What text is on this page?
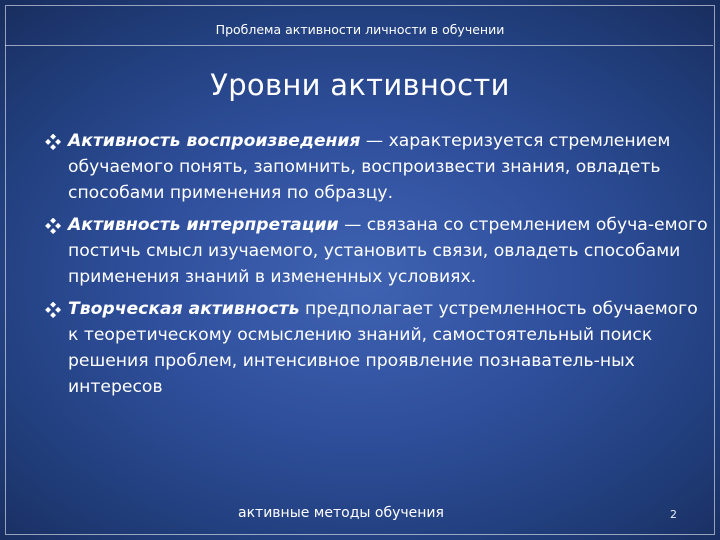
Проблема активности личности в обучении
Уровни активности
Активность воспроизведения — характеризуется стремлением обучаемого понять, запомнить, воспроизвести знания, овладеть способами применения по образцу.
Активность интерпретации — связана со стремлением обуча-емого постичь смысл изучаемого, установить связи, овладеть способами применения знаний в измененных условиях.
Творческая активность предполагает устремленность обучаемого к теоретическому осмыслению знаний, самостоятельный поиск решения проблем, интенсивное проявление познаватель-ных интересов
активные методы обучения	2
